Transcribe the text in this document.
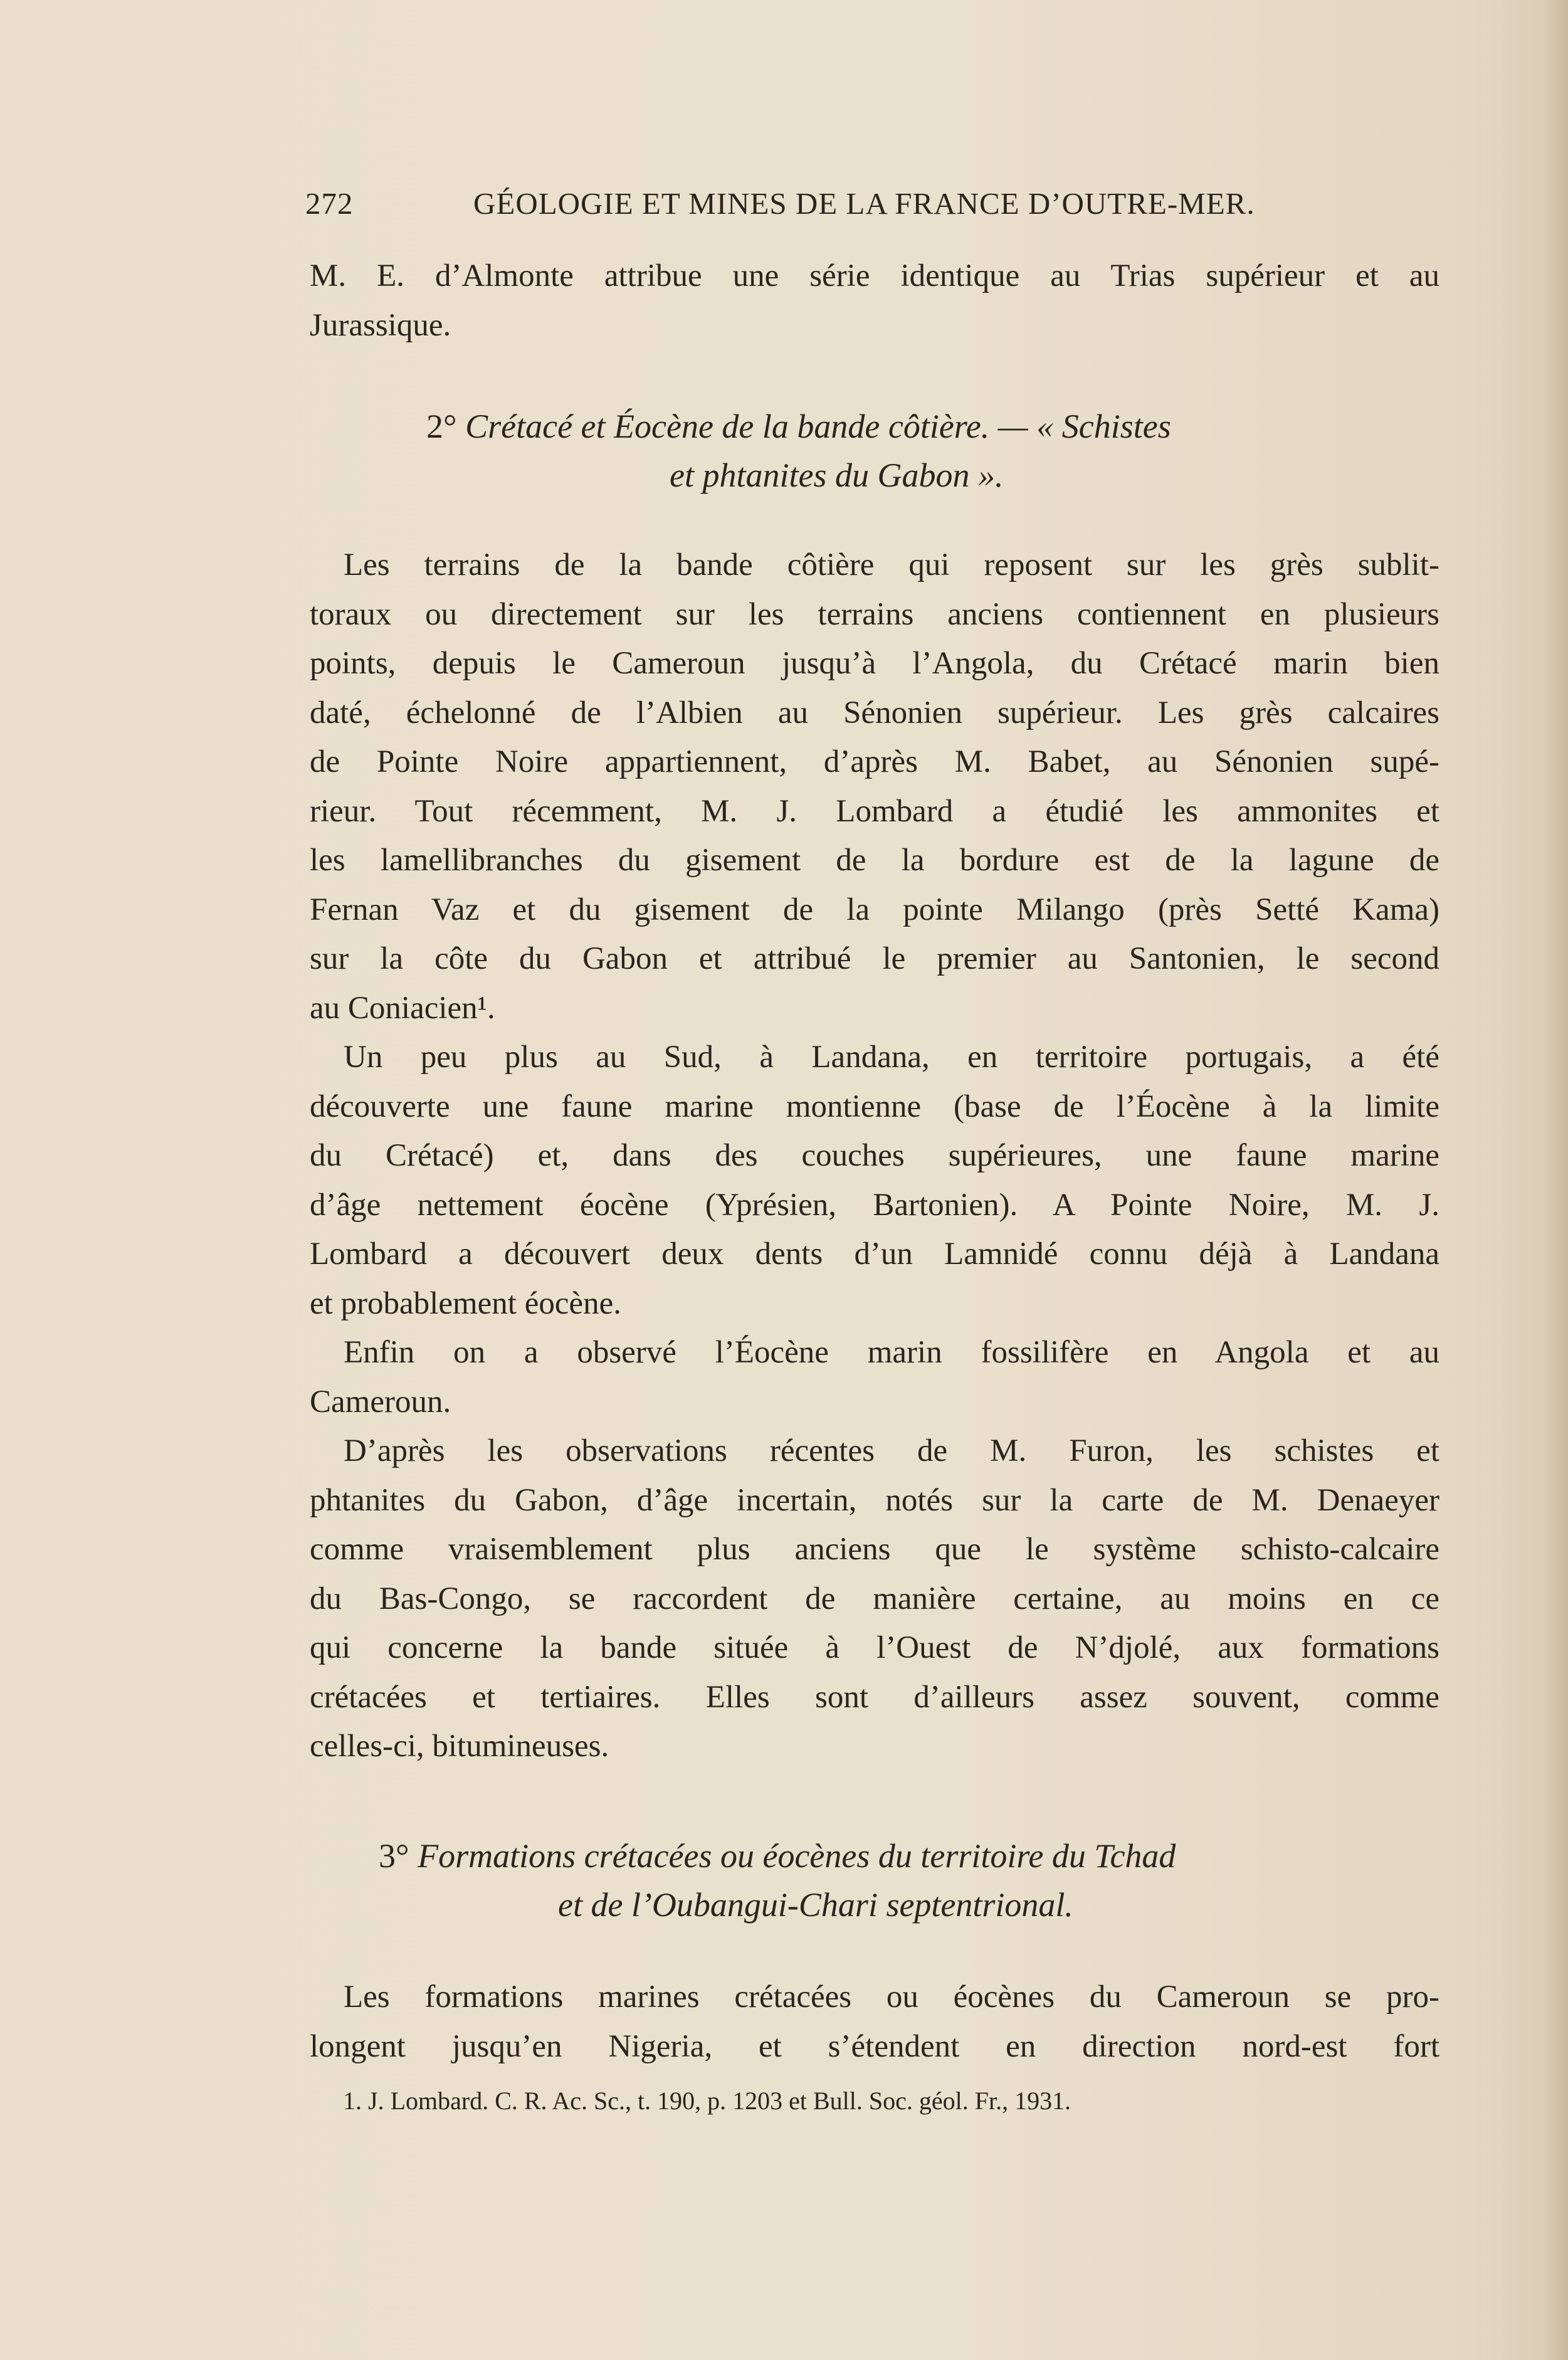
272	GÉOLOGIE ET MINES DE LA FRANCE D’OUTRE-MER.
M. E. d’Almonte attribue une série identique au Trias supérieur et au
Jurassique.
2° Crétacé et Éocène de la bande côtière. — « Schistes
et phtanites du Gabon ».
Les terrains de la bande côtière qui reposent sur les grès sublit-
toraux ou directement sur les terrains anciens contiennent en plusieurs
points, depuis le Cameroun jusqu’à l’Angola, du Crétacé marin bien
daté, échelonné de l’Albien au Sénonien supérieur. Les grès calcaires
de Pointe Noire appartiennent, d’après M. Babet, au Sénonien supé-
rieur. Tout récemment, M. J. Lombard a étudié les ammonites et
les lamellibranches du gisement de la bordure est de la lagune de
Fernan Vaz et du gisement de la pointe Milango (près Setté Kama)
sur la côte du Gabon et attribué le premier au Santonien, le second
au Coniacien¹.
Un peu plus au Sud, à Landana, en territoire portugais, a été
découverte une faune marine montienne (base de l’Éocène à la limite
du Crétacé) et, dans des couches supérieures, une faune marine
d’âge nettement éocène (Yprésien, Bartonien). A Pointe Noire, M. J.
Lombard a découvert deux dents d’un Lamnidé connu déjà à Landana
et probablement éocène.
Enfin on a observé l’Éocène marin fossilifère en Angola et au
Cameroun.
D’après les observations récentes de M. Furon, les schistes et
phtanites du Gabon, d’âge incertain, notés sur la carte de M. Denaeyer
comme vraisemblement plus anciens que le système schisto-calcaire
du Bas-Congo, se raccordent de manière certaine, au moins en ce
qui concerne la bande située à l’Ouest de N’djolé, aux formations
crétacées et tertiaires. Elles sont d’ailleurs assez souvent, comme
celles-ci, bitumineuses.
3° Formations crétacées ou éocènes du territoire du Tchad
et de l’Oubangui-Chari septentrional.
Les formations marines crétacées ou éocènes du Cameroun se pro-
longent jusqu’en Nigeria, et s’étendent en direction nord-est fort
1. J. Lombard. C. R. Ac. Sc., t. 190, p. 1203 et Bull. Soc. géol. Fr., 1931.
